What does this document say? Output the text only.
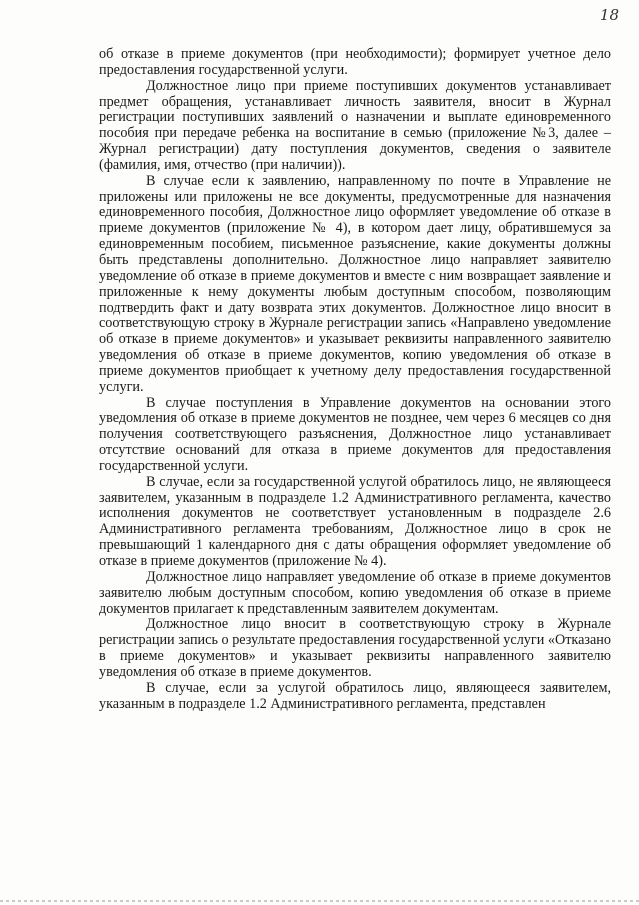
18

об отказе в приеме документов (при необходимости); формирует учетное дело предоставления государственной услуги.

Должностное лицо при приеме поступивших документов устанавливает предмет обращения, устанавливает личность заявителя, вносит в Журнал регистрации поступивших заявлений о назначении и выплате единовременного пособия при передаче ребенка на воспитание в семью (приложение №3, далее – Журнал регистрации) дату поступления документов, сведения о заявителе (фамилия, имя, отчество (при наличии)).

В случае если к заявлению, направленному по почте в Управление не приложены или приложены не все документы, предусмотренные для назначения единовременного пособия, Должностное лицо оформляет уведомление об отказе в приеме документов (приложение № 4), в котором дает лицу, обратившемуся за единовременным пособием, письменное разъяснение, какие документы должны быть представлены дополнительно. Должностное лицо направляет заявителю уведомление об отказе в приеме документов и вместе с ним возвращает заявление и приложенные к нему документы любым доступным способом, позволяющим подтвердить факт и дату возврата этих документов. Должностное лицо вносит в соответствующую строку в Журнале регистрации запись «Направлено уведомление об отказе в приеме документов» и указывает реквизиты направленного заявителю уведомления об отказе в приеме документов, копию уведомления об отказе в приеме документов приобщает к учетному делу предоставления государственной услуги.

В случае поступления в Управление документов на основании этого уведомления об отказе в приеме документов не позднее, чем через 6 месяцев со дня получения соответствующего разъяснения, Должностное лицо устанавливает отсутствие оснований для отказа в приеме документов для предоставления государственной услуги.

В случае, если за государственной услугой обратилось лицо, не являющееся заявителем, указанным в подразделе 1.2 Административного регламента, качество исполнения документов не соответствует установленным в подразделе 2.6 Административного регламента требованиям, Должностное лицо в срок не превышающий 1 календарного дня с даты обращения оформляет уведомление об отказе в приеме документов (приложение № 4).

Должностное лицо направляет уведомление об отказе в приеме документов заявителю любым доступным способом, копию уведомления об отказе в приеме документов прилагает к представленным заявителем документам.

Должностное лицо вносит в соответствующую строку в Журнале регистрации запись о результате предоставления государственной услуги «Отказано в приеме документов» и указывает реквизиты направленного заявителю уведомления об отказе в приеме документов.

В случае, если за услугой обратилось лицо, являющееся заявителем, указанным в подразделе 1.2 Административного регламента, представлен
